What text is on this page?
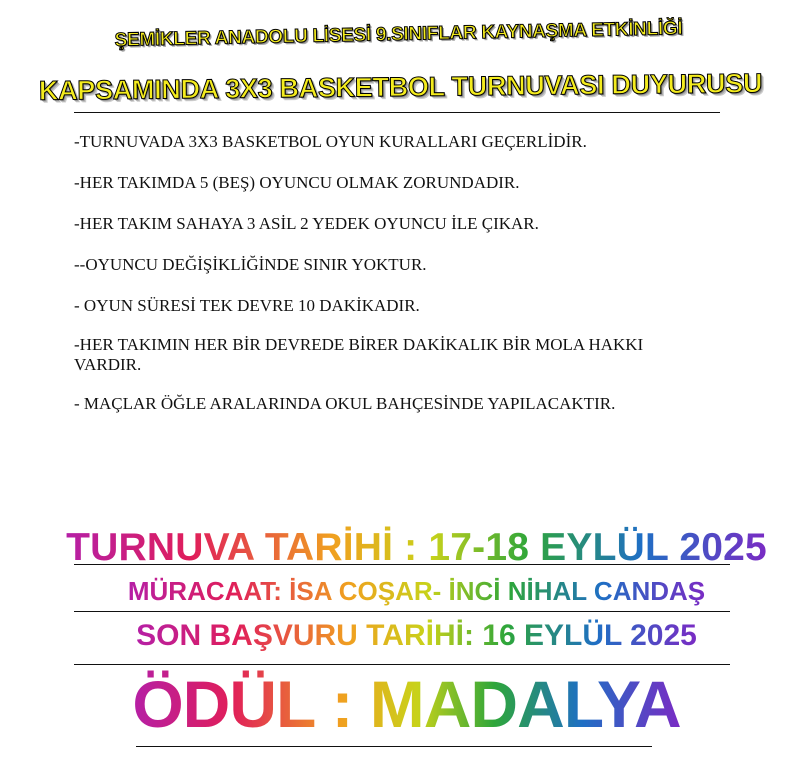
ŞEMİKLER ANADOLU LİSESİ 9.SINIFLAR KAYNAŞMA ETKİNLİĞİ
KAPSAMINDA 3X3 BASKETBOL TURNUVASI DUYURUSU
-TURNUVADA 3X3 BASKETBOL OYUN KURALLARI GEÇERLİDİR.
-HER TAKIMDA 5 (BEŞ) OYUNCU OLMAK ZORUNDADIR.
-HER TAKIM SAHAYA 3 ASİL 2 YEDEK OYUNCU İLE ÇIKAR.
--OYUNCU DEĞİŞİKLİĞİNDE SINIR YOKTUR.
- OYUN SÜRESİ TEK DEVRE 10 DAKİKADIR.
-HER TAKIMIN HER BİR DEVREDE BİRER DAKİKALIK BİR MOLA HAKKI VARDIR.
- MAÇLAR ÖĞLE ARALARINDA OKUL BAHÇESİNDE YAPILACAKTIR.
TURNUVA TARİHİ : 17-18 EYLÜL 2025
MÜRACAAT: İSA COŞAR- İNCİ NİHAL CANDAŞ
SON BAŞVURU TARİHİ: 16 EYLÜL 2025
ÖDÜL : MADALYA
